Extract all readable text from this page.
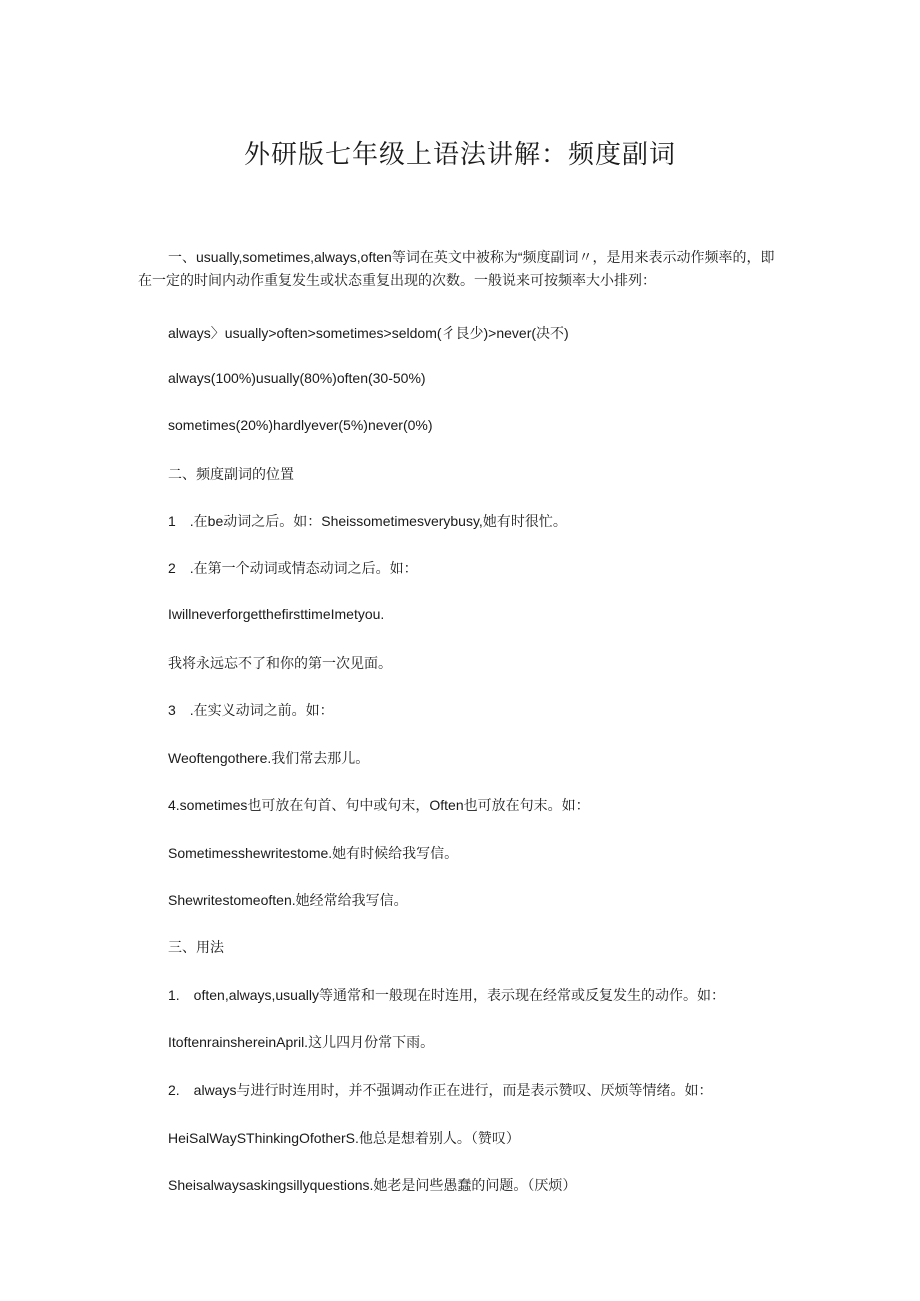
外研版七年级上语法讲解：频度副词
一、usually,sometimes,always,often等词在英文中被称为“频度副词〃，是用来表示动作频率的，即在一定的时间内动作重复发生或状态重复出现的次数。一般说来可按频率大小排列：
always〉usually>often>sometimes>seldom(彳艮少)>never(决不)
always(100%)usually(80%)often(30-50%)
sometimes(20%)hardlyever(5%)never(0%)
二、频度副词的位置
1 .在be动词之后。如：Sheissometimesverybusy,她有时很忙。
2 .在第一个动词或情态动词之后。如：
IwillneverforgetthefirsttimeImetyou.
我将永远忘不了和你的第一次见面。
3 .在实义动词之前。如：
Weoftengothere.我们常去那儿。
4.sometimes也可放在句首、句中或句末，Often也可放在句末。如：
Sometimesshewritestome.她有时候给我写信。
Shewritestomeoften.她经常给我写信。
三、用法
1. often,always,usually等通常和一般现在时连用，表示现在经常或反复发生的动作。如：
ItoftenrainshereinApril.这儿四月份常下雨。
2. always与进行时连用时，并不强调动作正在进行，而是表示赞叹、厌烦等情绪。如：
HeiSalWaySThinkingOfotherS.他总是想着别人。（赞叹）
Sheisalwaysaskingsillyquestions.她老是问些愚蠢的问题。（厌烦）
